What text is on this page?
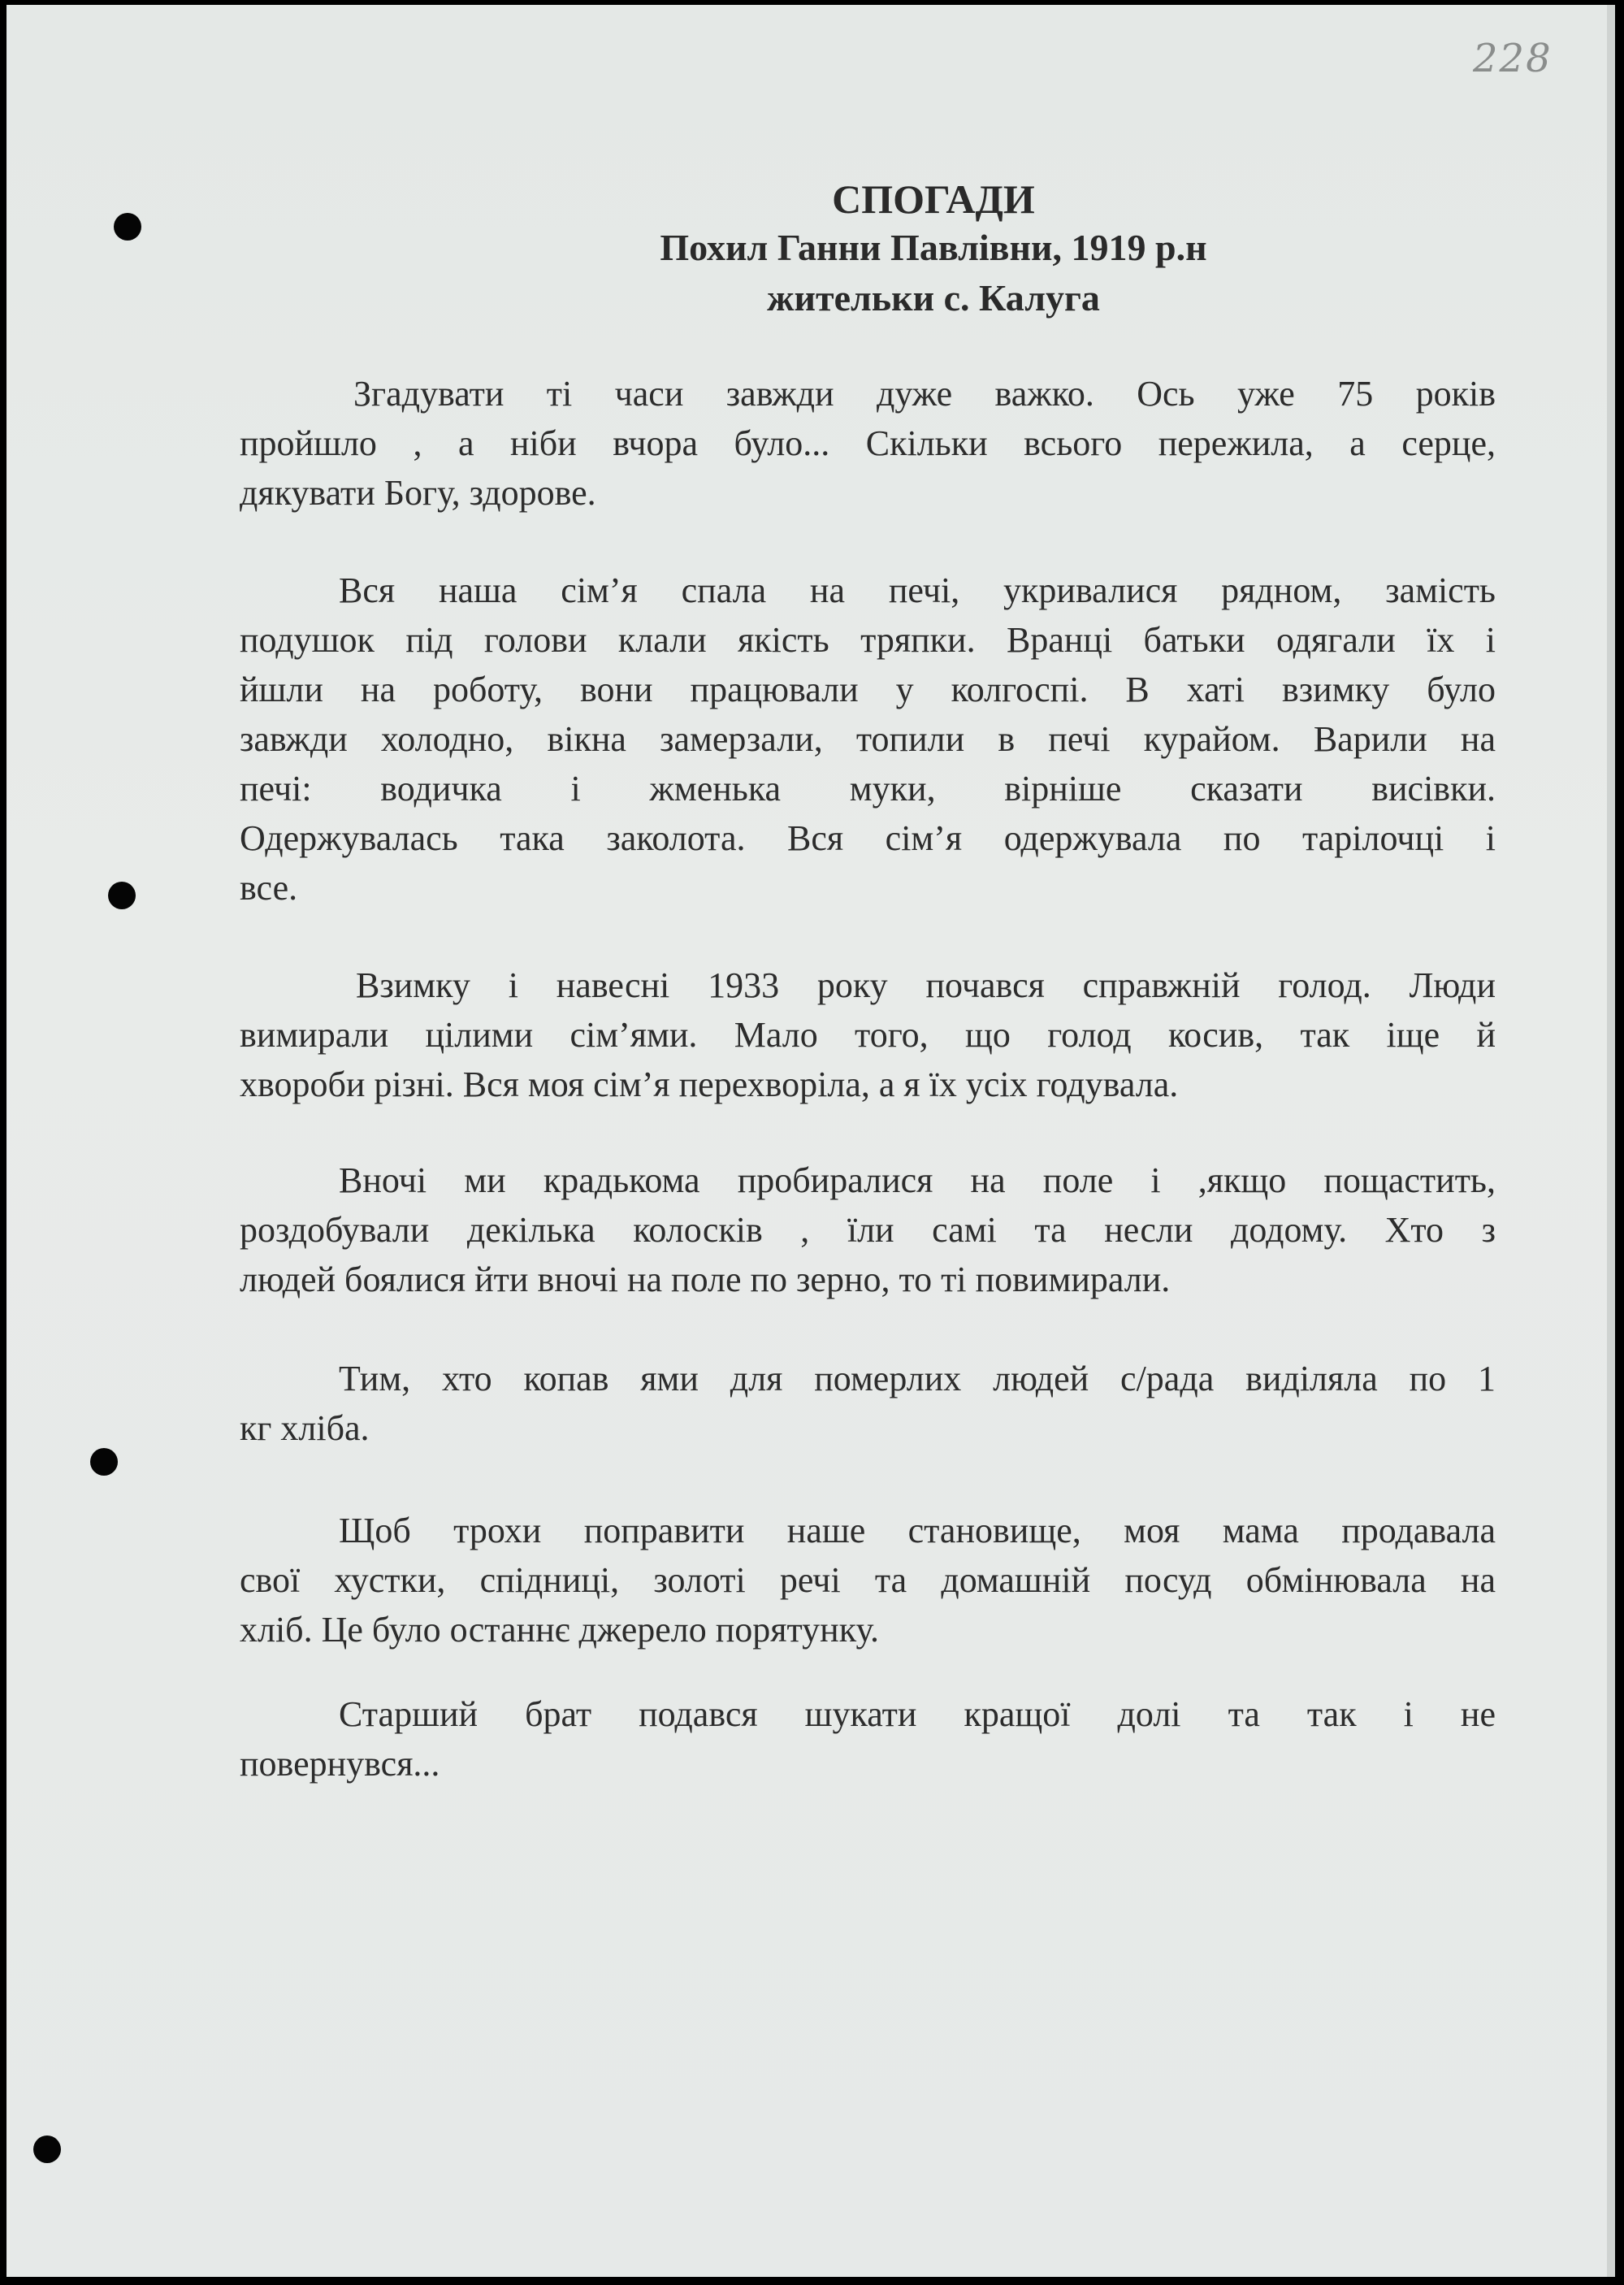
228
СПОГАДИ
Похил Ганни Павлівни, 1919 р.н
жительки с. Калуга
Згадувати ті часи завжди дуже важко. Ось уже 75 років
пройшло , а ніби вчора було... Скільки всього пережила, а серце,
дякувати Богу, здорове.
Вся наша сім’я спала на печі, укривалися рядном, замість
подушок під голови клали якість тряпки. Вранці батьки одягали їх і
йшли на роботу, вони працювали у колгоспі. В хаті взимку було
завжди холодно, вікна замерзали, топили в печі курайом. Варили на
печі: водичка і жменька муки, вірніше сказати висівки.
Одержувалась така заколота. Вся сім’я одержувала по тарілочці і
все.
Взимку і навесні 1933 року почався справжній голод. Люди
вимирали цілими сім’ями. Мало того, що голод косив, так іще й
хвороби різні. Вся моя сім’я перехворіла, а я їх усіх годувала.
Вночі ми крадькома пробиралися на поле і ,якщо пощастить,
роздобували декілька колосків , їли самі та несли додому. Хто з
людей боялися йти вночі на поле по зерно, то ті повимирали.
Тим, хто копав ями для померлих людей с/рада виділяла по 1
кг хліба.
Щоб трохи поправити наше становище, моя мама продавала
свої хустки, спідниці, золоті речі та домашній посуд обмінювала на
хліб. Це було останнє джерело порятунку.
Старший брат подався шукати кращої долі та так і не
повернувся...
